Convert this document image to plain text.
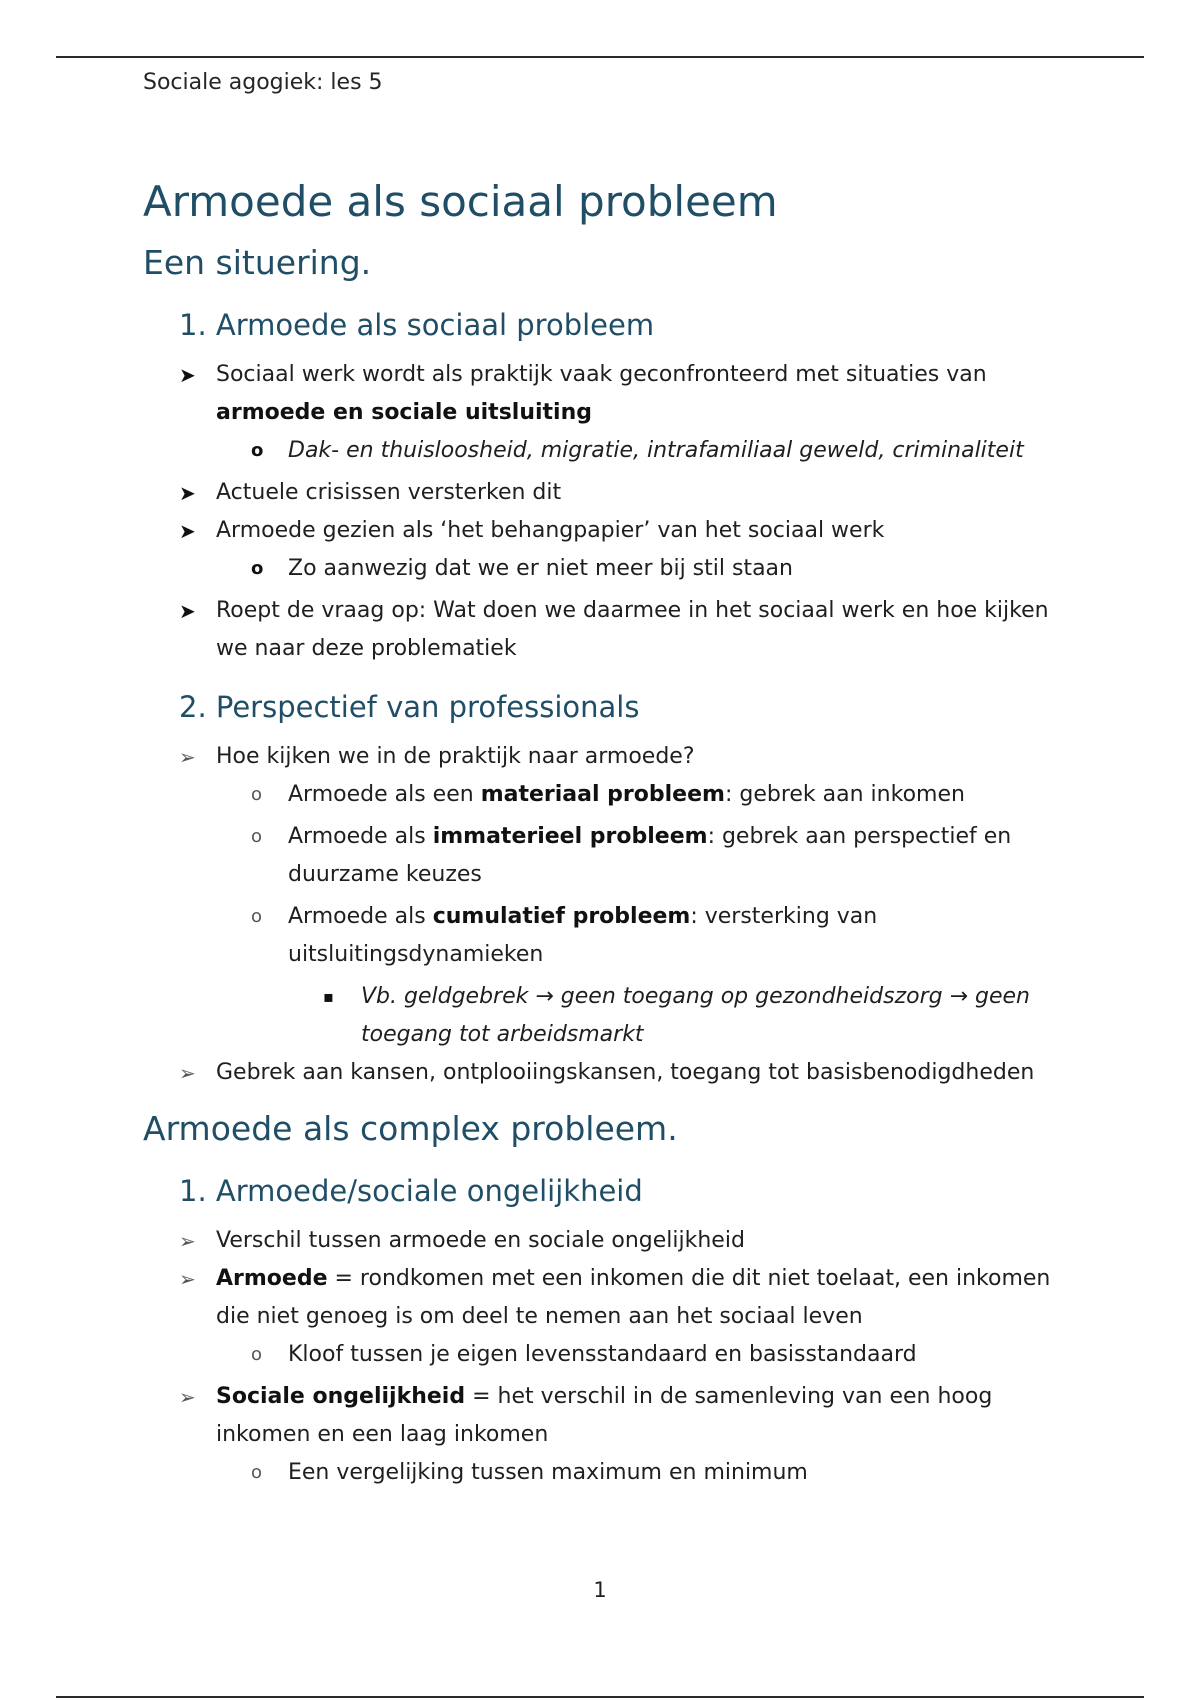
Sociale agogiek: les 5
Armoede als sociaal probleem
Een situering.
1. Armoede als sociaal probleem
➤ Sociaal werk wordt als praktijk vaak geconfronteerd met situaties van armoede en sociale uitsluiting
o Dak- en thuisloosheid, migratie, intrafamiliaal geweld, criminaliteit
➤ Actuele crisissen versterken dit
➤ Armoede gezien als ‘het behangpapier’ van het sociaal werk
o Zo aanwezig dat we er niet meer bij stil staan
➤ Roept de vraag op: Wat doen we daarmee in het sociaal werk en hoe kijken we naar deze problematiek
2. Perspectief van professionals
➢ Hoe kijken we in de praktijk naar armoede?
o Armoede als een materiaal probleem: gebrek aan inkomen
o Armoede als immaterieel probleem: gebrek aan perspectief en duurzame keuzes
o Armoede als cumulatief probleem: versterking van uitsluitingsdynamieken
▪ Vb. geldgebrek → geen toegang op gezondheidszorg → geen toegang tot arbeidsmarkt
➢ Gebrek aan kansen, ontplooiingskansen, toegang tot basisbenodigdheden
Armoede als complex probleem.
1. Armoede/sociale ongelijkheid
➢ Verschil tussen armoede en sociale ongelijkheid
➢ Armoede = rondkomen met een inkomen die dit niet toelaat, een inkomen die niet genoeg is om deel te nemen aan het sociaal leven
o Kloof tussen je eigen levensstandaard en basisstandaard
➢ Sociale ongelijkheid = het verschil in de samenleving van een hoog inkomen en een laag inkomen
o Een vergelijking tussen maximum en minimum
1
